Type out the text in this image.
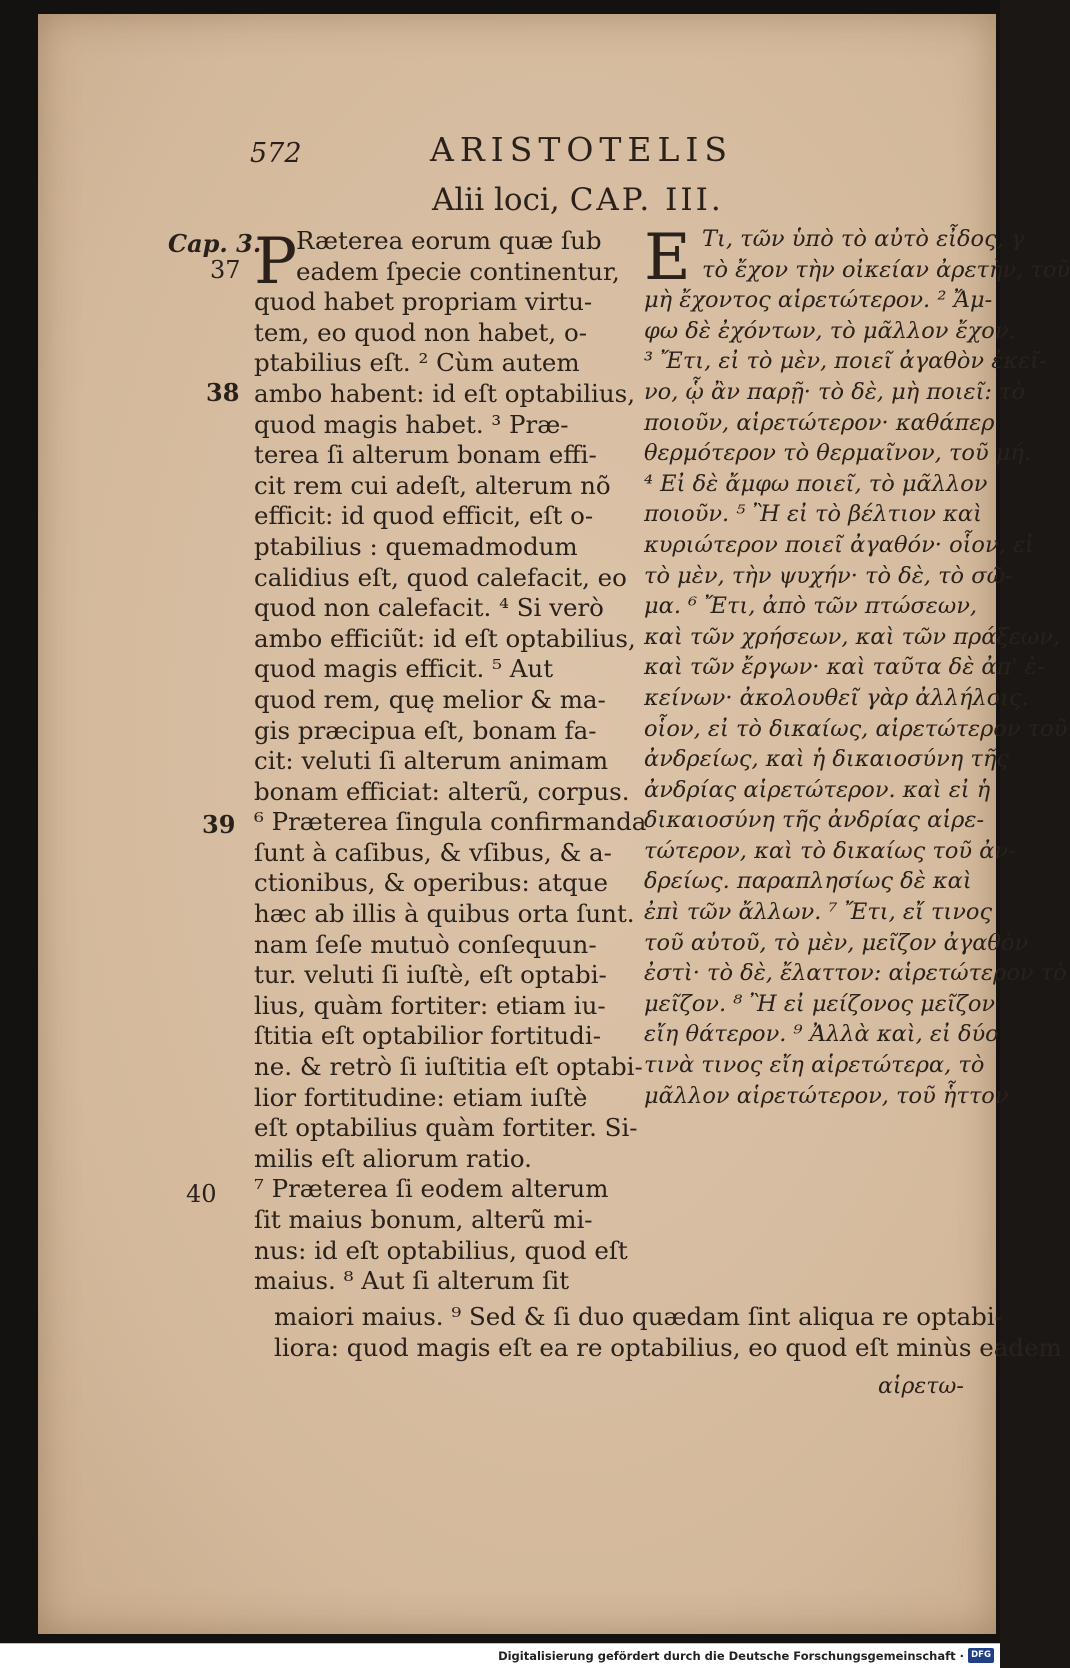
572	ARISTOTELIS
Alii loci, CAP. III.
Cap. 3.
37
38
39
40
P
Ræterea eorum quæ ſub
eadem ſpecie continentur,
quod habet propriam virtu-
tem, eo quod non habet, o-
ptabilius eſt. ² Cùm autem
ambo habent: id eſt optabilius,
quod magis habet. ³ Præ-
terea ſi alterum bonam effi-
cit rem cui adeſt, alterum nõ
efficit: id quod efficit, eſt o-
ptabilius : quemadmodum
calidius eſt, quod calefacit, eo
quod non calefacit. ⁴ Si verò
ambo efficiũt: id eſt optabilius,
quod magis efficit. ⁵ Aut
quod rem, quę melior & ma-
gis præcipua eſt, bonam fa-
cit: veluti ſi alterum animam
bonam efficiat: alterũ, corpus.
⁶ Præterea ſingula confirmanda
ſunt à caſibus, & vſibus, & a-
ctionibus, & operibus: atque
hæc ab illis à quibus orta ſunt.
nam ſeſe mutuò conſequun-
tur. veluti ſi iuſtè, eſt optabi-
lius, quàm fortiter: etiam iu-
ſtitia eſt optabilior fortitudi-
ne. & retrò ſi iuſtitia eſt optabi-
lior fortitudine: etiam iuſtè
eſt optabilius quàm fortiter. Si-
milis eſt aliorum ratio.
⁷ Præterea ſi eodem alterum
ſit maius bonum, alterũ mi-
nus: id eſt optabilius, quod eſt
maius. ⁸ Aut ſi alterum ſit
E Τι, τῶν ὑπὸ τὸ αὐτὸ εἶδος, γ
τὸ ἔχον τὴν οἰκείαν ἀρετὴν, τοῦ
μὴ ἔχοντος αἱρετώτερον. ² Ἄμ-
φω δὲ ἐχόντων, τὸ μᾶλλον ἔχον.
³ Ἔτι, εἰ τὸ μὲν, ποιεῖ ἀγαθὸν ἐκεῖ-
νο, ᾧ ἂν παρῇ· τὸ δὲ, μὴ ποιεῖ: τὸ
ποιοῦν, αἱρετώτερον· καθάπερ
θερμότερον τὸ θερμαῖνον, τοῦ μή.
⁴ Εἰ δὲ ἄμφω ποιεῖ, τὸ μᾶλλον
ποιοῦν. ⁵ Ἢ εἰ τὸ βέλτιον καὶ
κυριώτερον ποιεῖ ἀγαθόν· οἷον, εἰ
τὸ μὲν, τὴν ψυχήν· τὸ δὲ, τὸ σῶ-
μα. ⁶ Ἔτι, ἀπὸ τῶν πτώσεων,
καὶ τῶν χρήσεων, καὶ τῶν πράξεων,
καὶ τῶν ἔργων· καὶ ταῦτα δὲ ἀπ' ἐ-
κείνων· ἀκολουθεῖ γὰρ ἀλλήλοις.
οἷον, εἰ τὸ δικαίως, αἱρετώτερον τοῦ
ἀνδρείως, καὶ ἡ δικαιοσύνη τῆς
ἀνδρίας αἱρετώτερον. καὶ εἰ ἡ
δικαιοσύνη τῆς ἀνδρίας αἱρε-
τώτερον, καὶ τὸ δικαίως τοῦ ἀν-
δρείως. παραπλησίως δὲ καὶ
ἐπὶ τῶν ἄλλων. ⁷ Ἔτι, εἴ τινος
τοῦ αὐτοῦ, τὸ μὲν, μεῖζον ἀγαθὸν
ἐστὶ· τὸ δὲ, ἔλαττον: αἱρετώτερον τὸ
μεῖζον. ⁸ Ἢ εἰ μείζονος μεῖζον
εἴη θάτερον. ⁹ Ἀλλὰ καὶ, εἰ δύο
τινὰ τινος εἴη αἱρετώτερα, τὸ
μᾶλλον αἱρετώτερον, τοῦ ἧττον
maiori maius. ⁹ Sed & ſi duo quædam ſint aliqua re optabi-
liora: quod magis eſt ea re optabilius, eo quod eſt minùs eadem
αἱρετω-
Digitalisierung gefördert durch die Deutsche Forschungsgemeinschaft · DFG
